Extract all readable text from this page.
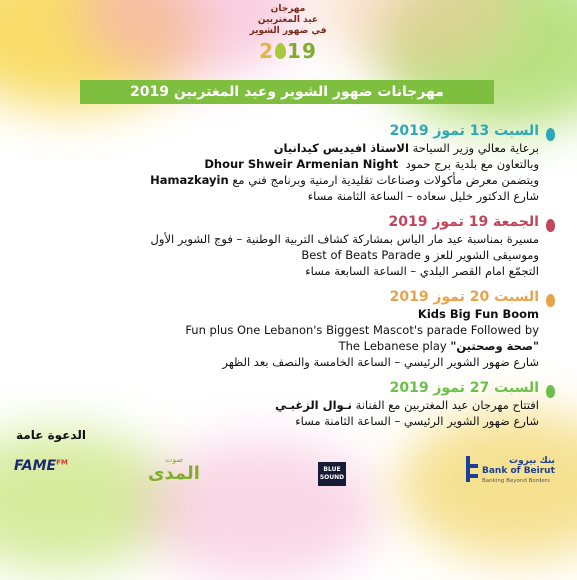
مهرجان
عيد المغتربين
في ضهور الشوير
2 19
مهرجانات ضهور الشوير وعيد المغتربين 2019
السبت 13 تموز 2019
برعاية معالي وزير السياحة الاستاذ افيديس كيدانيان
وبالتعاون مع بلدية برج حمود  Dhour Shweir Armenian Night
ويتضمن معرض مأكولات وصناعات تقليدية ارمنية وبرنامج فني مع Hamazkayin
شارع الدكتور خليل سعاده – الساعة الثامنة مساء
الجمعة 19 تموز 2019
مسيرة بمناسبة عيد مار الياس بمشاركة كشاف التربية الوطنية – فوج الشوير الأول
وموسيقى الشوير للعز و Best of Beats Parade
التجمّع امام القصر البلدي – الساعة السابعة مساء
السبت 20 تموز 2019
Kids Big Fun Boom
Fun plus One Lebanon's Biggest Mascot's parade Followed by
"صحة وصحتين" The Lebanese play
شارع ضهور الشوير الرئيسي – الساعة الخامسة والنصف بعد الظهر
السبت 27 تموز 2019
افتتاح مهرجان عيد المغتربين مع الفنانة نـوال الزغبـي
شارع ضهور الشوير الرئيسي – الساعة الثامنة مساء
الدعوة عامة
$FAME^{FM}$	صوت
المدى	BLUE
SOUND
بنك بيروت
Bank of Beirut
Banking Beyond Borders
